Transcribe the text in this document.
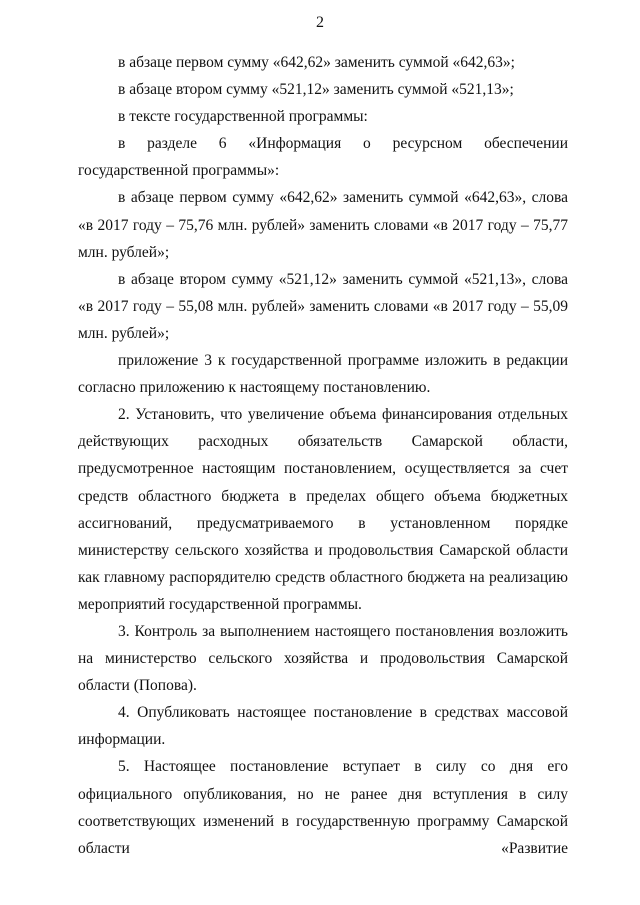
2

в абзаце первом сумму «642,62» заменить суммой «642,63»;

в абзаце втором сумму «521,12» заменить суммой «521,13»;

в тексте государственной программы:

в разделе 6 «Информация о ресурсном обеспечении государственной программы»:

в абзаце первом сумму «642,62» заменить суммой «642,63», слова «в 2017 году – 75,76 млн. рублей» заменить словами «в 2017 году – 75,77 млн. рублей»;

в абзаце втором сумму «521,12» заменить суммой «521,13», слова «в 2017 году – 55,08 млн. рублей» заменить словами «в 2017 году – 55,09 млн. рублей»;

приложение 3 к государственной программе изложить в редакции согласно приложению к настоящему постановлению.

2. Установить, что увеличение объема финансирования отдельных действующих расходных обязательств Самарской области, предусмотренное настоящим постановлением, осуществляется за счет средств областного бюджета в пределах общего объема бюджетных ассигнований, предусматриваемого в установленном порядке министерству сельского хозяйства и продовольствия Самарской области как главному распорядителю средств областного бюджета на реализацию мероприятий государственной программы.

3. Контроль за выполнением настоящего постановления возложить на министерство сельского хозяйства и продовольствия Самарской области (Попова).

4. Опубликовать настоящее постановление в средствах массовой информации.

5. Настоящее постановление вступает в силу со дня его официального опубликования, но не ранее дня вступления в силу соответствующих изменений в государственную программу Самарской области «Развитие
